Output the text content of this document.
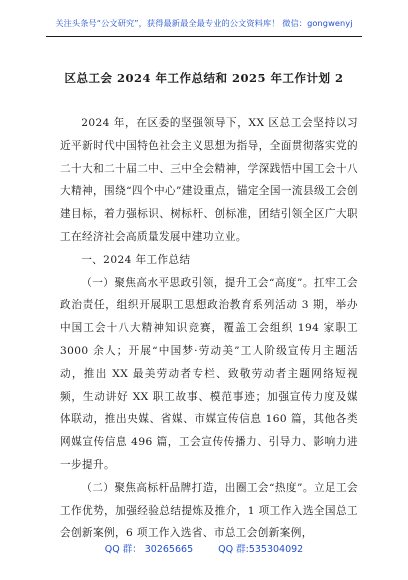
关注头条号“公文研究”，获得最新最全最专业的公文资料库！ 微信：gongwenyj
区总工会 2024 年工作总结和 2025 年工作计划 2

2024 年，在区委的坚强领导下，XX 区总工会坚持以习近平新时代中国特色社会主义思想为指导，全面贯彻落实党的二十大和二十届二中、三中全会精神，学深践悟中国工会十八大精神，围绕“四个中心”建设重点，锚定全国一流县级工会创建目标，着力强标识、树标杆、创标准，团结引领全区广大职工在经济社会高质量发展中建功立业。

一、2024 年工作总结

（一）聚焦高水平思政引领，提升工会“高度”。扛牢工会政治责任，组织开展职工思想政治教育系列活动 3 期，举办中国工会十八大精神知识竞赛，覆盖工会组织 194 家职工 3000 余人；开展“中国梦·劳动美”工人阶级宣传月主题活动，推出 XX 最美劳动者专栏、致敬劳动者主题网络短视频，生动讲好 XX 职工故事、模范事迹；加强宣传力度及媒体联动，推出央媒、省媒、市媒宣传信息 160 篇，其他各类网媒宣传信息 496 篇，工会宣传传播力、引导力、影响力进一步提升。

（二）聚焦高标杆品牌打造，出圈工会“热度”。立足工会工作优势，加强经验总结提炼及推介，1 项工作入选全国总工会创新案例，6 项工作入选省、市总工会创新案例，

QQ 群： 30265665	QQ 群:535304092
